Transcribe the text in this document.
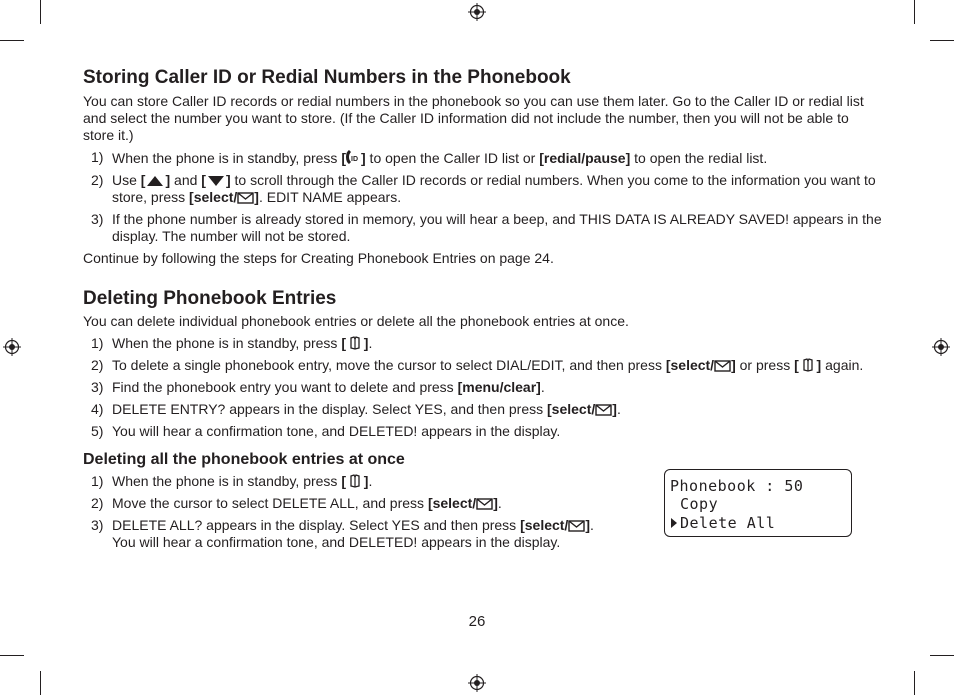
Storing Caller ID or Redial Numbers in the Phonebook

You can store Caller ID records or redial numbers in the phonebook so you can use them later. Go to the Caller ID or redial list and select the number you want to store. (If the Caller ID information did not include the number, then you will not be able to store it.)

1) When the phone is in standby, press [ ID ] to open the Caller ID list or [redial/pause] to open the redial list.
2) Use [ ] and [ ] to scroll through the Caller ID records or redial numbers. When you come to the information you want to store, press [select/ ]. EDIT NAME appears.
3) If the phone number is already stored in memory, you will hear a beep, and THIS DATA IS ALREADY SAVED! appears in the display. The number will not be stored.

Continue by following the steps for Creating Phonebook Entries on page 24.

Deleting Phonebook Entries

You can delete individual phonebook entries or delete all the phonebook entries at once.

1) When the phone is in standby, press [  ].
2) To delete a single phonebook entry, move the cursor to select DIAL/EDIT, and then press [select/ ] or press [  ] again.
3) Find the phonebook entry you want to delete and press [menu/clear].
4) DELETE ENTRY? appears in the display. Select YES, and then press [select/ ].
5) You will hear a confirmation tone, and DELETED! appears in the display.
Deleting all the phonebook entries at once
1) When the phone is in standby, press [  ].
2) Move the cursor to select DELETE ALL, and press [select/ ].
3) DELETE ALL? appears in the display. Select YES and then press [select/ ].
You will hear a confirmation tone, and DELETED! appears in the display.
Phonebook : 50
Copy
Delete All
26
